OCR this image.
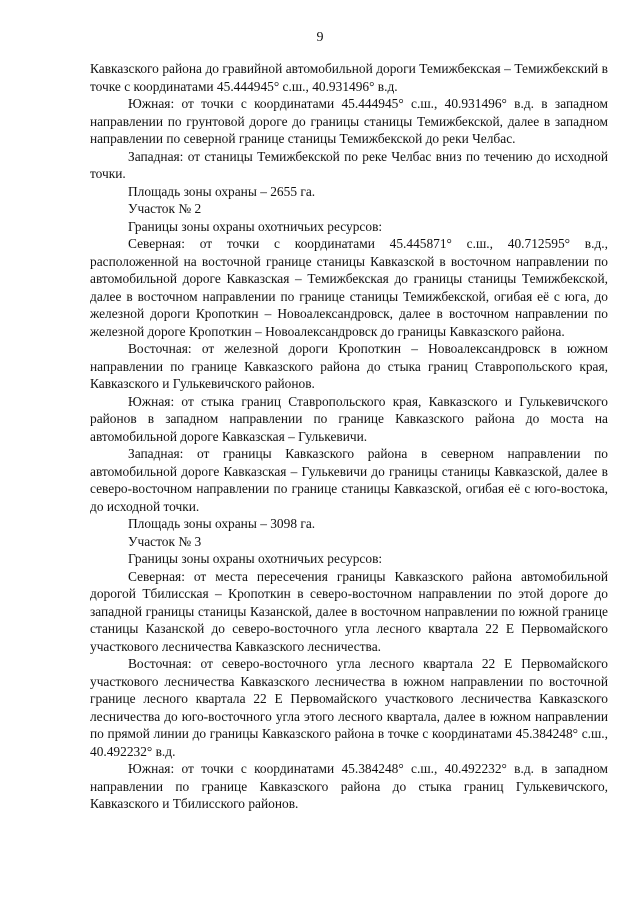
9

Кавказского района до гравийной автомобильной дороги Темижбекская – Темижбекский в точке с координатами 45.444945° с.ш., 40.931496° в.д.

Южная: от точки с координатами 45.444945° с.ш., 40.931496° в.д. в западном направлении по грунтовой дороге до границы станицы Темижбекской, далее в западном направлении по северной границе станицы Темижбекской до реки Челбас.

Западная: от станицы Темижбекской по реке Челбас вниз по течению до исходной точки.

Площадь зоны охраны – 2655 га.

Участок № 2

Границы зоны охраны охотничьих ресурсов:

Северная: от точки с координатами 45.445871° с.ш., 40.712595° в.д., расположенной на восточной границе станицы Кавказской в восточном направлении по автомобильной дороге Кавказская – Темижбекская до границы станицы Темижбекской, далее в восточном направлении по границе станицы Темижбекской, огибая её с юга, до железной дороги Кропоткин – Новоалександровск, далее в восточном направлении по железной дороге Кропоткин – Новоалександровск до границы Кавказского района.

Восточная: от железной дороги Кропоткин – Новоалександровск в южном направлении по границе Кавказского района до стыка границ Ставропольского края, Кавказского и Гулькевичского районов.

Южная: от стыка границ Ставропольского края, Кавказского и Гулькевичского районов в западном направлении по границе Кавказского района до моста на автомобильной дороге Кавказская – Гулькевичи.

Западная: от границы Кавказского района в северном направлении по автомобильной дороге Кавказская – Гулькевичи до границы станицы Кавказской, далее в северо-восточном направлении по границе станицы Кавказской, огибая её с юго-востока, до исходной точки.

Площадь зоны охраны – 3098 га.

Участок № 3

Границы зоны охраны охотничьих ресурсов:

Северная: от места пересечения границы Кавказского района автомобильной дорогой Тбилисская – Кропоткин в северо-восточном направлении по этой дороге до западной границы станицы Казанской, далее в восточном направлении по южной границе станицы Казанской до северо-восточного угла лесного квартала 22 Е Первомайского участкового лесничества Кавказского лесничества.

Восточная: от северо-восточного угла лесного квартала 22 Е Первомайского участкового лесничества Кавказского лесничества в южном направлении по восточной границе лесного квартала 22 Е Первомайского участкового лесничества Кавказского лесничества до юго-восточного угла этого лесного квартала, далее в южном направлении по прямой линии до границы Кавказского района в точке с координатами 45.384248° с.ш., 40.492232° в.д.

Южная: от точки с координатами 45.384248° с.ш., 40.492232° в.д. в западном направлении по границе Кавказского района до стыка границ Гулькевичского, Кавказского и Тбилисского районов.
